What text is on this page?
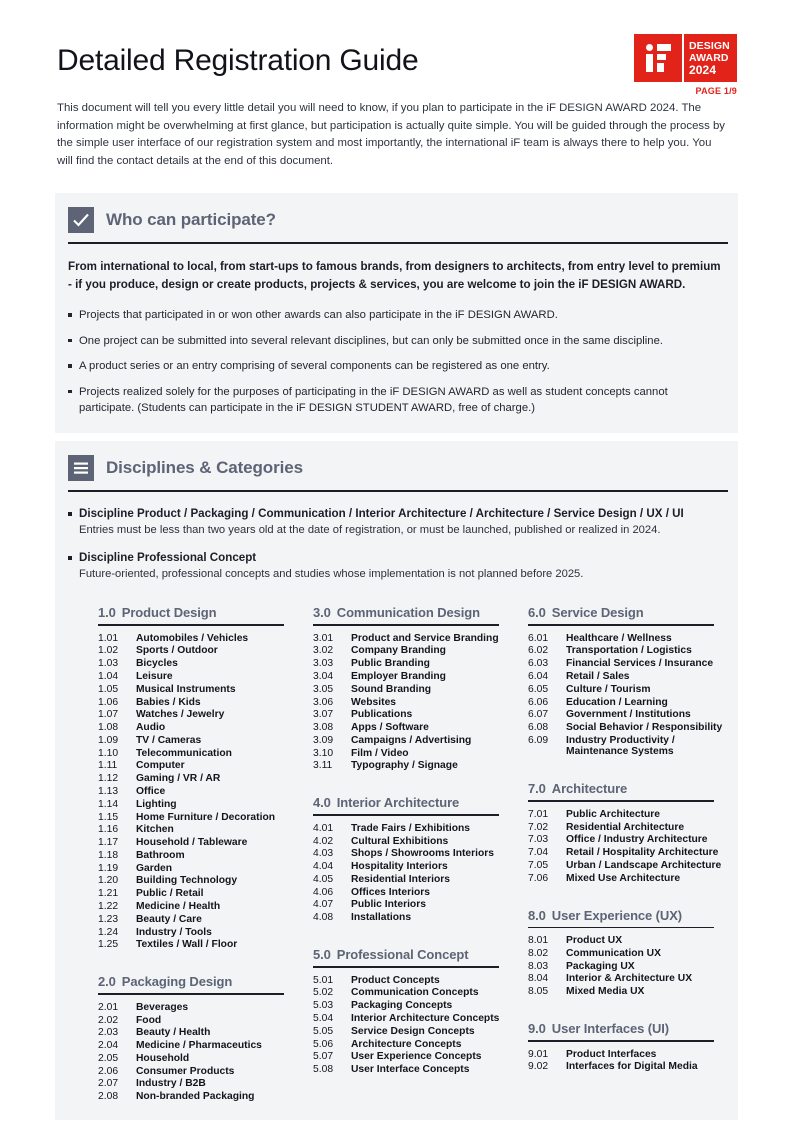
Detailed Registration Guide	DESIGN
AWARD
2024
PAGE 1/9

This document will tell you every little detail you will need to know, if you plan to participate in the iF DESIGN AWARD 2024. The information might be overwhelming at first glance, but participation is actually quite simple. You will be guided through the process by the simple user interface of our registration system and most importantly, the international iF team is always there to help you. You will find the contact details at the end of this document.

Who can participate?

From international to local, from start-ups to famous brands, from designers to architects, from entry level to premium - if you produce, design or create products, projects & services, you are welcome to join the iF DESIGN AWARD.

Projects that participated in or won other awards can also participate in the iF DESIGN AWARD.
One project can be submitted into several relevant disciplines, but can only be submitted once in the same discipline.
A product series or an entry comprising of several components can be registered as one entry.
Projects realized solely for the purposes of participating in the iF DESIGN AWARD as well as student concepts cannot participate. (Students can participate in the iF DESIGN STUDENT AWARD, free of charge.)
Disciplines & Categories
Discipline Product / Packaging / Communication / Interior Architecture / Architecture / Service Design / UX / UI
Entries must be less than two years old at the date of registration, or must be launched, published or realized in 2024.
Discipline Professional Concept
Future-oriented, professional concepts and studies whose implementation is not planned before 2025.
1.0 Product Design
1.01	Automobiles / Vehicles
1.02	Sports / Outdoor
1.03	Bicycles
1.04	Leisure
1.05	Musical Instruments
1.06	Babies / Kids
1.07	Watches / Jewelry
1.08	Audio
1.09	TV / Cameras
1.10	Telecommunication
1.11	Computer
1.12	Gaming / VR / AR
1.13	Office
1.14	Lighting
1.15	Home Furniture / Decoration
1.16	Kitchen
1.17	Household / Tableware
1.18	Bathroom
1.19	Garden
1.20	Building Technology
1.21	Public / Retail
1.22	Medicine / Health
1.23	Beauty / Care
1.24	Industry / Tools
1.25	Textiles / Wall / Floor
2.0 Packaging Design
2.01	Beverages
2.02	Food
2.03	Beauty / Health
2.04	Medicine / Pharmaceutics
2.05	Household
2.06	Consumer Products
2.07	Industry / B2B
2.08	Non-branded Packaging
3.0 Communication Design
3.01	Product and Service Branding
3.02	Company Branding
3.03	Public Branding
3.04	Employer Branding
3.05	Sound Branding
3.06	Websites
3.07	Publications
3.08	Apps / Software
3.09	Campaigns / Advertising
3.10	Film / Video
3.11	Typography / Signage
4.0 Interior Architecture
4.01	Trade Fairs / Exhibitions
4.02	Cultural Exhibitions
4.03	Shops / Showrooms Interiors
4.04	Hospitality Interiors
4.05	Residential Interiors
4.06	Offices Interiors
4.07	Public Interiors
4.08	Installations
5.0 Professional Concept
5.01	Product Concepts
5.02	Communication Concepts
5.03	Packaging Concepts
5.04	Interior Architecture Concepts
5.05	Service Design Concepts
5.06	Architecture Concepts
5.07	User Experience Concepts
5.08	User Interface Concepts
6.0 Service Design
6.01	Healthcare / Wellness
6.02	Transportation / Logistics
6.03	Financial Services / Insurance
6.04	Retail / Sales
6.05	Culture / Tourism
6.06	Education / Learning
6.07	Government / Institutions
6.08	Social Behavior / Responsibility
6.09	Industry Productivity /
Maintenance Systems
7.0 Architecture
7.01	Public Architecture
7.02	Residential Architecture
7.03	Office / Industry Architecture
7.04	Retail / Hospitality Architecture
7.05	Urban / Landscape Architecture
7.06	Mixed Use Architecture
8.0 User Experience (UX)
8.01	Product UX
8.02	Communication UX
8.03	Packaging UX
8.04	Interior & Architecture UX
8.05	Mixed Media UX
9.0 User Interfaces (UI)
9.01	Product Interfaces
9.02	Interfaces for Digital Media
